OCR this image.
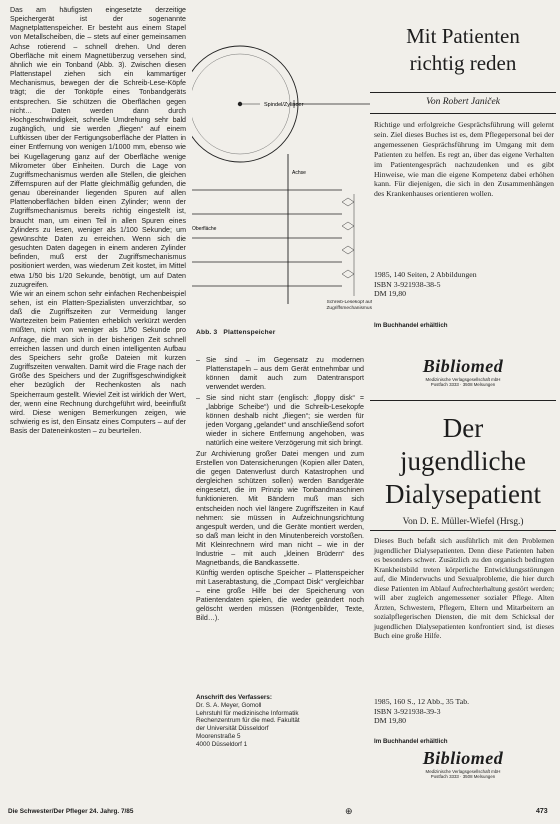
Das am häufigsten eingesetzte derzeitige Speichergerät ist der sogenannte Magnetplattenspeicher. Er besteht aus einem Stapel von Metallscheiben, die – stets auf einer gemeinsamen Achse rotierend – schnell drehen. Und deren Oberfläche mit einem Magnetüberzug versehen sind, ähnlich wie ein Tonband (Abb. 3). Zwischen diesen Plattenstapel ziehen sich ein kammartiger Mechanismus, bewegen der die Schreib-Lese-Köpfe trägt; die der Tonköpfe eines Tonbandgeräts entsprechen. Sie schützen die Oberflächen gegen nicht… Daten werden dann durch Hochgeschwindigkeit, schnelle Umdrehung sehr bald zugänglich, und sie werden „fliegen“ auf einem Luftkissen über der Fertigungsoberfläche der Platten in einer Entfernung von wenigen 1/1000 mm, ebenso wie bei Kugellagerung ganz auf der Oberfläche wenige Mikrometer über Einheiten. Durch die Lage von Zugriffsmechanismus werden alle Stellen, die gleichen Ziffernspuren auf der Platte gleichmäßig gefunden, die genau übereinander liegenden Spuren auf allen Plattenoberflächen bilden einen Zylinder; wenn der Zugriffsmechanismus bereits richtig eingestellt ist, braucht man, um einen Teil in allen Spuren eines Zylinders zu lesen, weniger als 1/100 Sekunde; um gewünschte Daten zu erreichen. Wenn sich die gesuchten Daten dagegen in einem anderen Zylinder befinden, muß erst der Zugriffsmechanismus positioniert werden, was wiederum Zeit kostet, im Mittel etwa 1/50 bis 1/20 Sekunde, benötigt, um auf Daten zuzugreifen.

Wie wir an einem schon sehr einfachen Rechenbeispiel sehen, ist ein Platten-Spezialisten unverzichtbar, so daß die Zugriffszeiten zur Vermeidung langer Wartezeiten beim Patienten erheblich verkürzt werden müßten, nicht von weniger als 1/50 Sekunde pro Anfrage, die man sich in der bisherigen Zeit schnell erreichen lassen und durch einen intelligenten Aufbau des Speichers sehr große Dateien mit kurzen Zugriffszeiten verwalten. Damit wird die Frage nach der Größe des Speichers und der Zugriffsgeschwindigkeit eher bezüglich der Rechenkosten als nach Speicherraum gestellt. Wieviel Zeit ist wirklich der Wert, der, wenn eine Rechnung durchgeführt wird, beeinflußt wird. Diese wenigen Bemerkungen zeigen, wie schwierig es ist, den Einsatz eines Computers – auf der Basis der Dateneinkosten – zu beurteilen.

Spindel/Zylinder
Achse
Oberfläche
Schreib-Lesekopf auf Zugriffsmechanismus
Abb. 3 Plattenspeicher
– Sie sind – im Gegensatz zu modernen Plattenstapeln – aus dem Gerät entnehmbar und können damit auch zum Datentransport verwendet werden.
– Sie sind nicht starr (englisch: „floppy disk“ = „labbrige Scheibe“) und die Schreib-Lesekopfe können deshalb nicht „fliegen“; sie werden für jeden Vorgang „gelandet“ und anschließend sofort wieder in sichere Entfernung angehoben, was natürlich eine weitere Verzögerung mit sich bringt.

Zur Archivierung großer Datei mengen und zum Erstellen von Datensicherungen (Kopien aller Daten, die gegen Datenverlust durch Katastrophen und dergleichen schützen sollen) werden Bandgeräte eingesetzt, die im Prinzip wie Tonbandmaschinen funktionieren. Mit Bändern muß man sich entscheiden noch viel längere Zugriffszeiten in Kauf nehmen: sie müssen in Aufzeichnungsrichtung angespult werden, und die Geräte montiert werden, so daß man leicht in den Minutenbereich vorstoßen. Mit Kleinrechnern wird man nicht – wie in der Industrie – mit auch „kleinen Brüdern“ des Magnetbands, die Bandkassette.

Künftig werden optische Speicher – Plattenspeicher mit Laserabtastung, die „Compact Disk“ vergleichbar – eine große Hilfe bei der Speicherung von Patientendaten spielen, die weder geändert noch gelöscht werden müssen (Röntgenbilder, Texte, Bild…).

Anschrift des Verfassers:
Dr. S. A. Meyer, Gomoll
Lehrstuhl für medizinische Informatik
Rechenzentrum für die med. Fakultät
der Universität Düsseldorf
Moorenstraße 5
4000 Düsseldorf 1
Die Schwester/Der Pfleger 24. Jahrg. 7/85	⊕	473
Mit Patienten
richtig reden
Von Robert Janiček
Richtige und erfolgreiche Gesprächsführung will gelernt sein. Ziel dieses Buches ist es, dem Pflegepersonal bei der angemessenen Gesprächsführung im Umgang mit dem Patienten zu helfen. Es regt an, über das eigene Verhalten im Patientengespräch nachzudenken und es gibt Hinweise, wie man die eigene Kompetenz dabei erhöhen kann. Für diejenigen, die sich in den Zusammenhängen des Krankenhauses orientieren wollen.
1985, 140 Seiten, 2 Abbildungen
ISBN 3-921938-38-5
DM 19,80
Im Buchhandel erhältlich
Bibliomed
Medizinische Verlagsgesellschaft mbH
Postfach 3333 · 3508 Melsungen
Der
jugendliche
Dialysepatient
Von D. E. Müller-Wiefel (Hrsg.)
Dieses Buch befaßt sich ausführlich mit den Problemen jugendlicher Dialysepatienten. Denn diese Patienten haben es besonders schwer. Zusätzlich zu den organisch bedingten Krankheitsbild treten körperliche Entwicklungsstörungen auf, die Minderwuchs und Sexualprobleme, die hier durch diese Patienten im Ablauf Aufrechterhaltung gestört werden; will aber zugleich angemessener sozialer Pflege. Alten Ärzten, Schwestern, Pflegern, Eltern und Mitarbeitern an sozialpflegerischen Diensten, die mit dem Schicksal der jugendlichen Dialysepatienten konfrontiert sind, ist dieses Buch eine große Hilfe.
1985, 160 S., 12 Abb., 35 Tab.
ISBN 3-921938-39-3
DM 19,80
Im Buchhandel erhältlich
Bibliomed
Medizinische Verlagsgesellschaft mbH
Postfach 3333 · 3508 Melsungen
